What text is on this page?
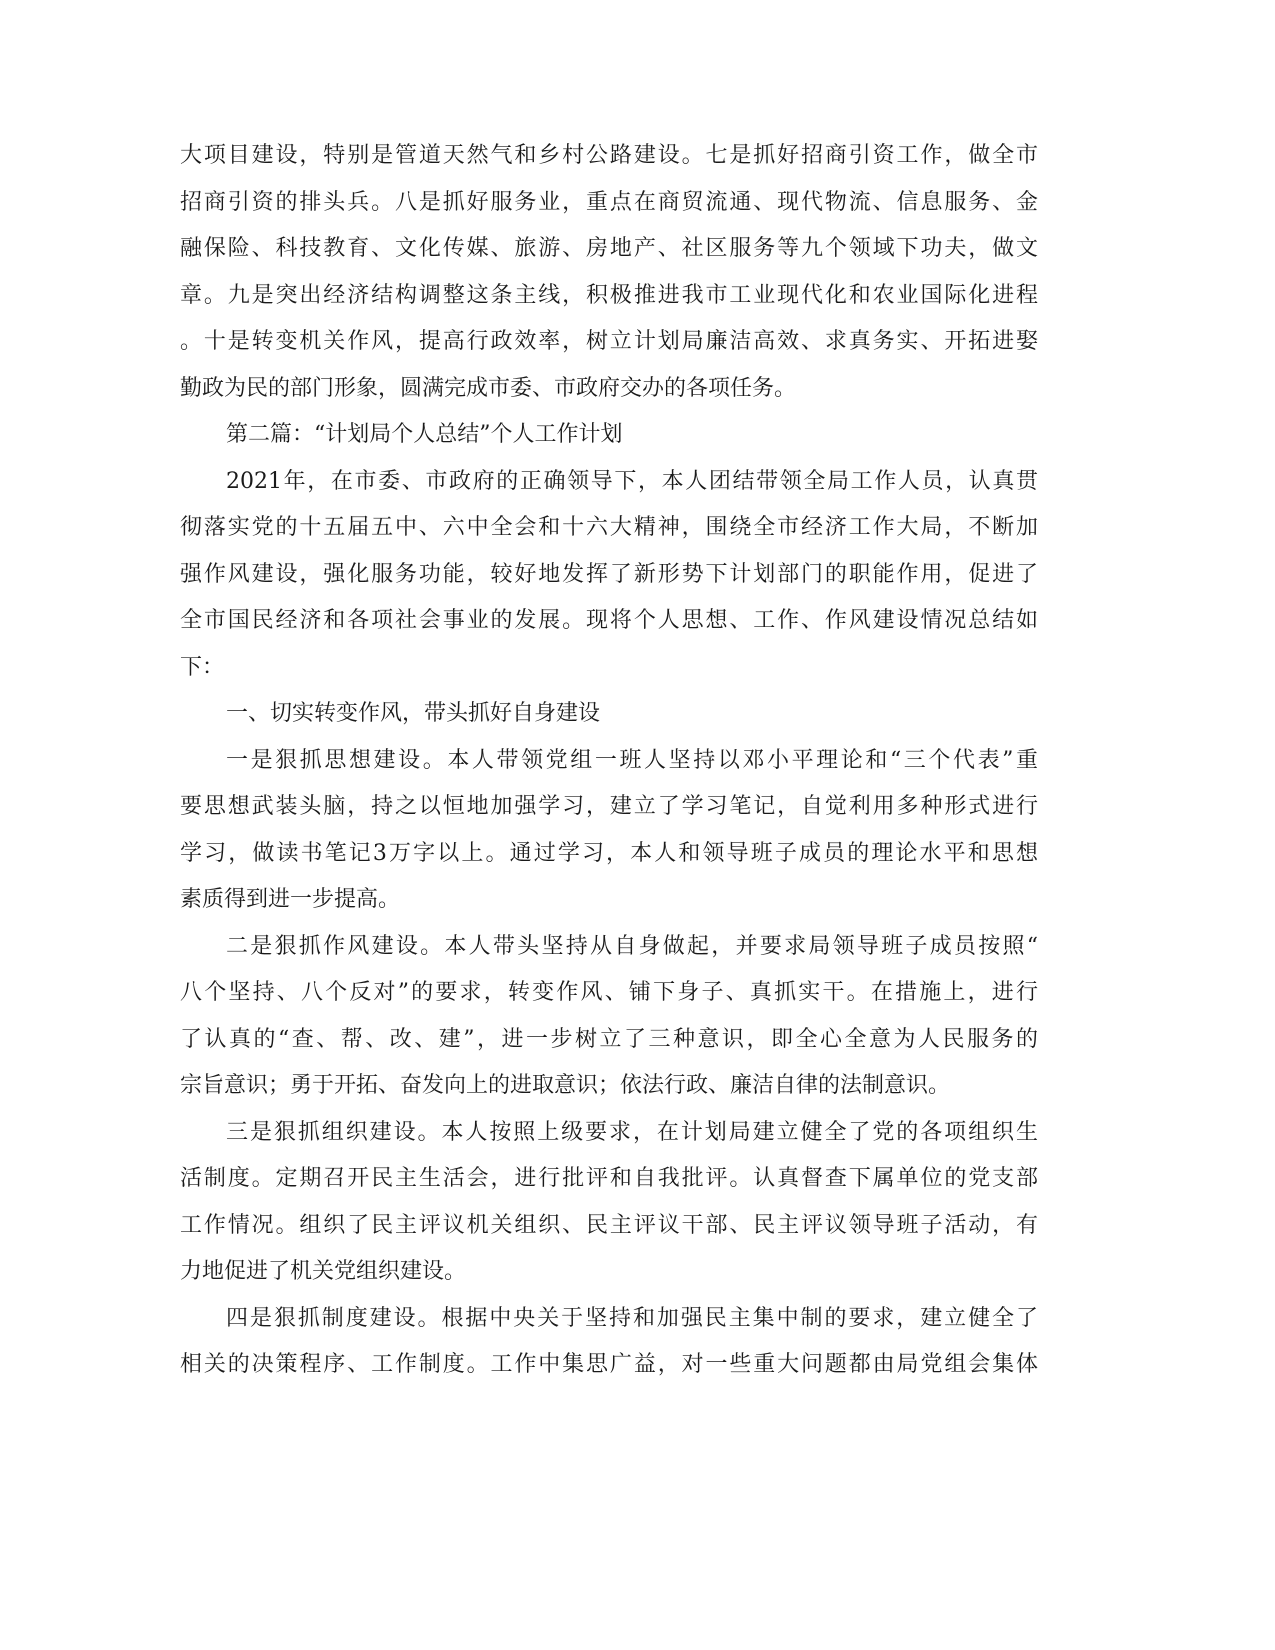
大项目建设，特别是管道天然气和乡村公路建设。七是抓好招商引资工作，做全市
招商引资的排头兵。八是抓好服务业，重点在商贸流通、现代物流、信息服务、金
融保险、科技教育、文化传媒、旅游、房地产、社区服务等九个领域下功夫，做文
章。九是突出经济结构调整这条主线，积极推进我市工业现代化和农业国际化进程
。十是转变机关作风，提高行政效率，树立计划局廉洁高效、求真务实、开拓进娶
勤政为民的部门形象，圆满完成市委、市政府交办的各项任务。
第二篇：“计划局个人总结”个人工作计划
2021年，在市委、市政府的正确领导下，本人团结带领全局工作人员，认真贯
彻落实党的十五届五中、六中全会和十六大精神，围绕全市经济工作大局，不断加
强作风建设，强化服务功能，较好地发挥了新形势下计划部门的职能作用，促进了
全市国民经济和各项社会事业的发展。现将个人思想、工作、作风建设情况总结如
下：
一、切实转变作风，带头抓好自身建设
一是狠抓思想建设。本人带领党组一班人坚持以邓小平理论和“三个代表”重
要思想武装头脑，持之以恒地加强学习，建立了学习笔记，自觉利用多种形式进行
学习，做读书笔记3万字以上。通过学习，本人和领导班子成员的理论水平和思想
素质得到进一步提高。
二是狠抓作风建设。本人带头坚持从自身做起，并要求局领导班子成员按照“
八个坚持、八个反对”的要求，转变作风、铺下身子、真抓实干。在措施上，进行
了认真的“查、帮、改、建”，进一步树立了三种意识，即全心全意为人民服务的
宗旨意识；勇于开拓、奋发向上的进取意识；依法行政、廉洁自律的法制意识。
三是狠抓组织建设。本人按照上级要求，在计划局建立健全了党的各项组织生
活制度。定期召开民主生活会，进行批评和自我批评。认真督查下属单位的党支部
工作情况。组织了民主评议机关组织、民主评议干部、民主评议领导班子活动，有
力地促进了机关党组织建设。
四是狠抓制度建设。根据中央关于坚持和加强民主集中制的要求，建立健全了
相关的决策程序、工作制度。工作中集思广益，对一些重大问题都由局党组会集体
